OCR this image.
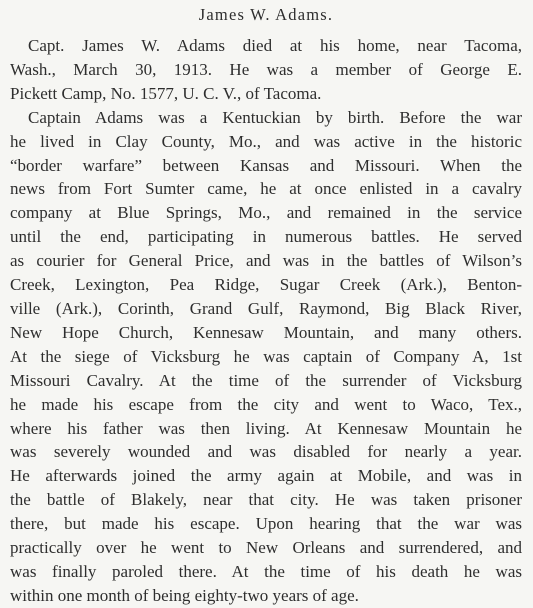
James W. Adams.
Capt. James W. Adams died at his home, near Tacoma,
Wash., March 30, 1913. He was a member of George E.
Pickett Camp, No. 1577, U. C. V., of Tacoma.
Captain Adams was a Kentuckian by birth. Before the war
he lived in Clay County, Mo., and was active in the historic
“border warfare” between Kansas and Missouri. When the
news from Fort Sumter came, he at once enlisted in a cavalry
company at Blue Springs, Mo., and remained in the service
until the end, participating in numerous battles. He served
as courier for General Price, and was in the battles of Wilson’s
Creek, Lexington, Pea Ridge, Sugar Creek (Ark.), Benton-
ville (Ark.), Corinth, Grand Gulf, Raymond, Big Black River,
New Hope Church, Kennesaw Mountain, and many others.
At the siege of Vicksburg he was captain of Company A, 1st
Missouri Cavalry. At the time of the surrender of Vicksburg
he made his escape from the city and went to Waco, Tex.,
where his father was then living. At Kennesaw Mountain he
was severely wounded and was disabled for nearly a year.
He afterwards joined the army again at Mobile, and was in
the battle of Blakely, near that city. He was taken prisoner
there, but made his escape. Upon hearing that the war was
practically over he went to New Orleans and surrendered, and
was finally paroled there. At the time of his death he was
within one month of being eighty-two years of age.
